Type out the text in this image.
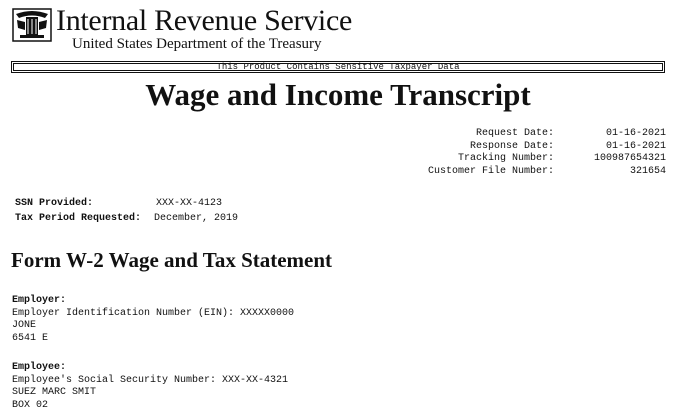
Internal Revenue Service
United States Department of the Treasury
This Product Contains Sensitive Taxpayer Data
Wage and Income Transcript
Request Date:
Response Date:
Tracking Number:
Customer File Number:
01-16-2021
01-16-2021
100987654321
321654
SSN Provided:	XXX-XX-4123
Tax Period Requested: December, 2019
Form W-2 Wage and Tax Statement
Employer:
Employer Identification Number (EIN): XXXXX0000
JONE
6541 E
Employee:
Employee's Social Security Number: XXX-XX-4321
SUEZ MARC SMIT
BOX 02
